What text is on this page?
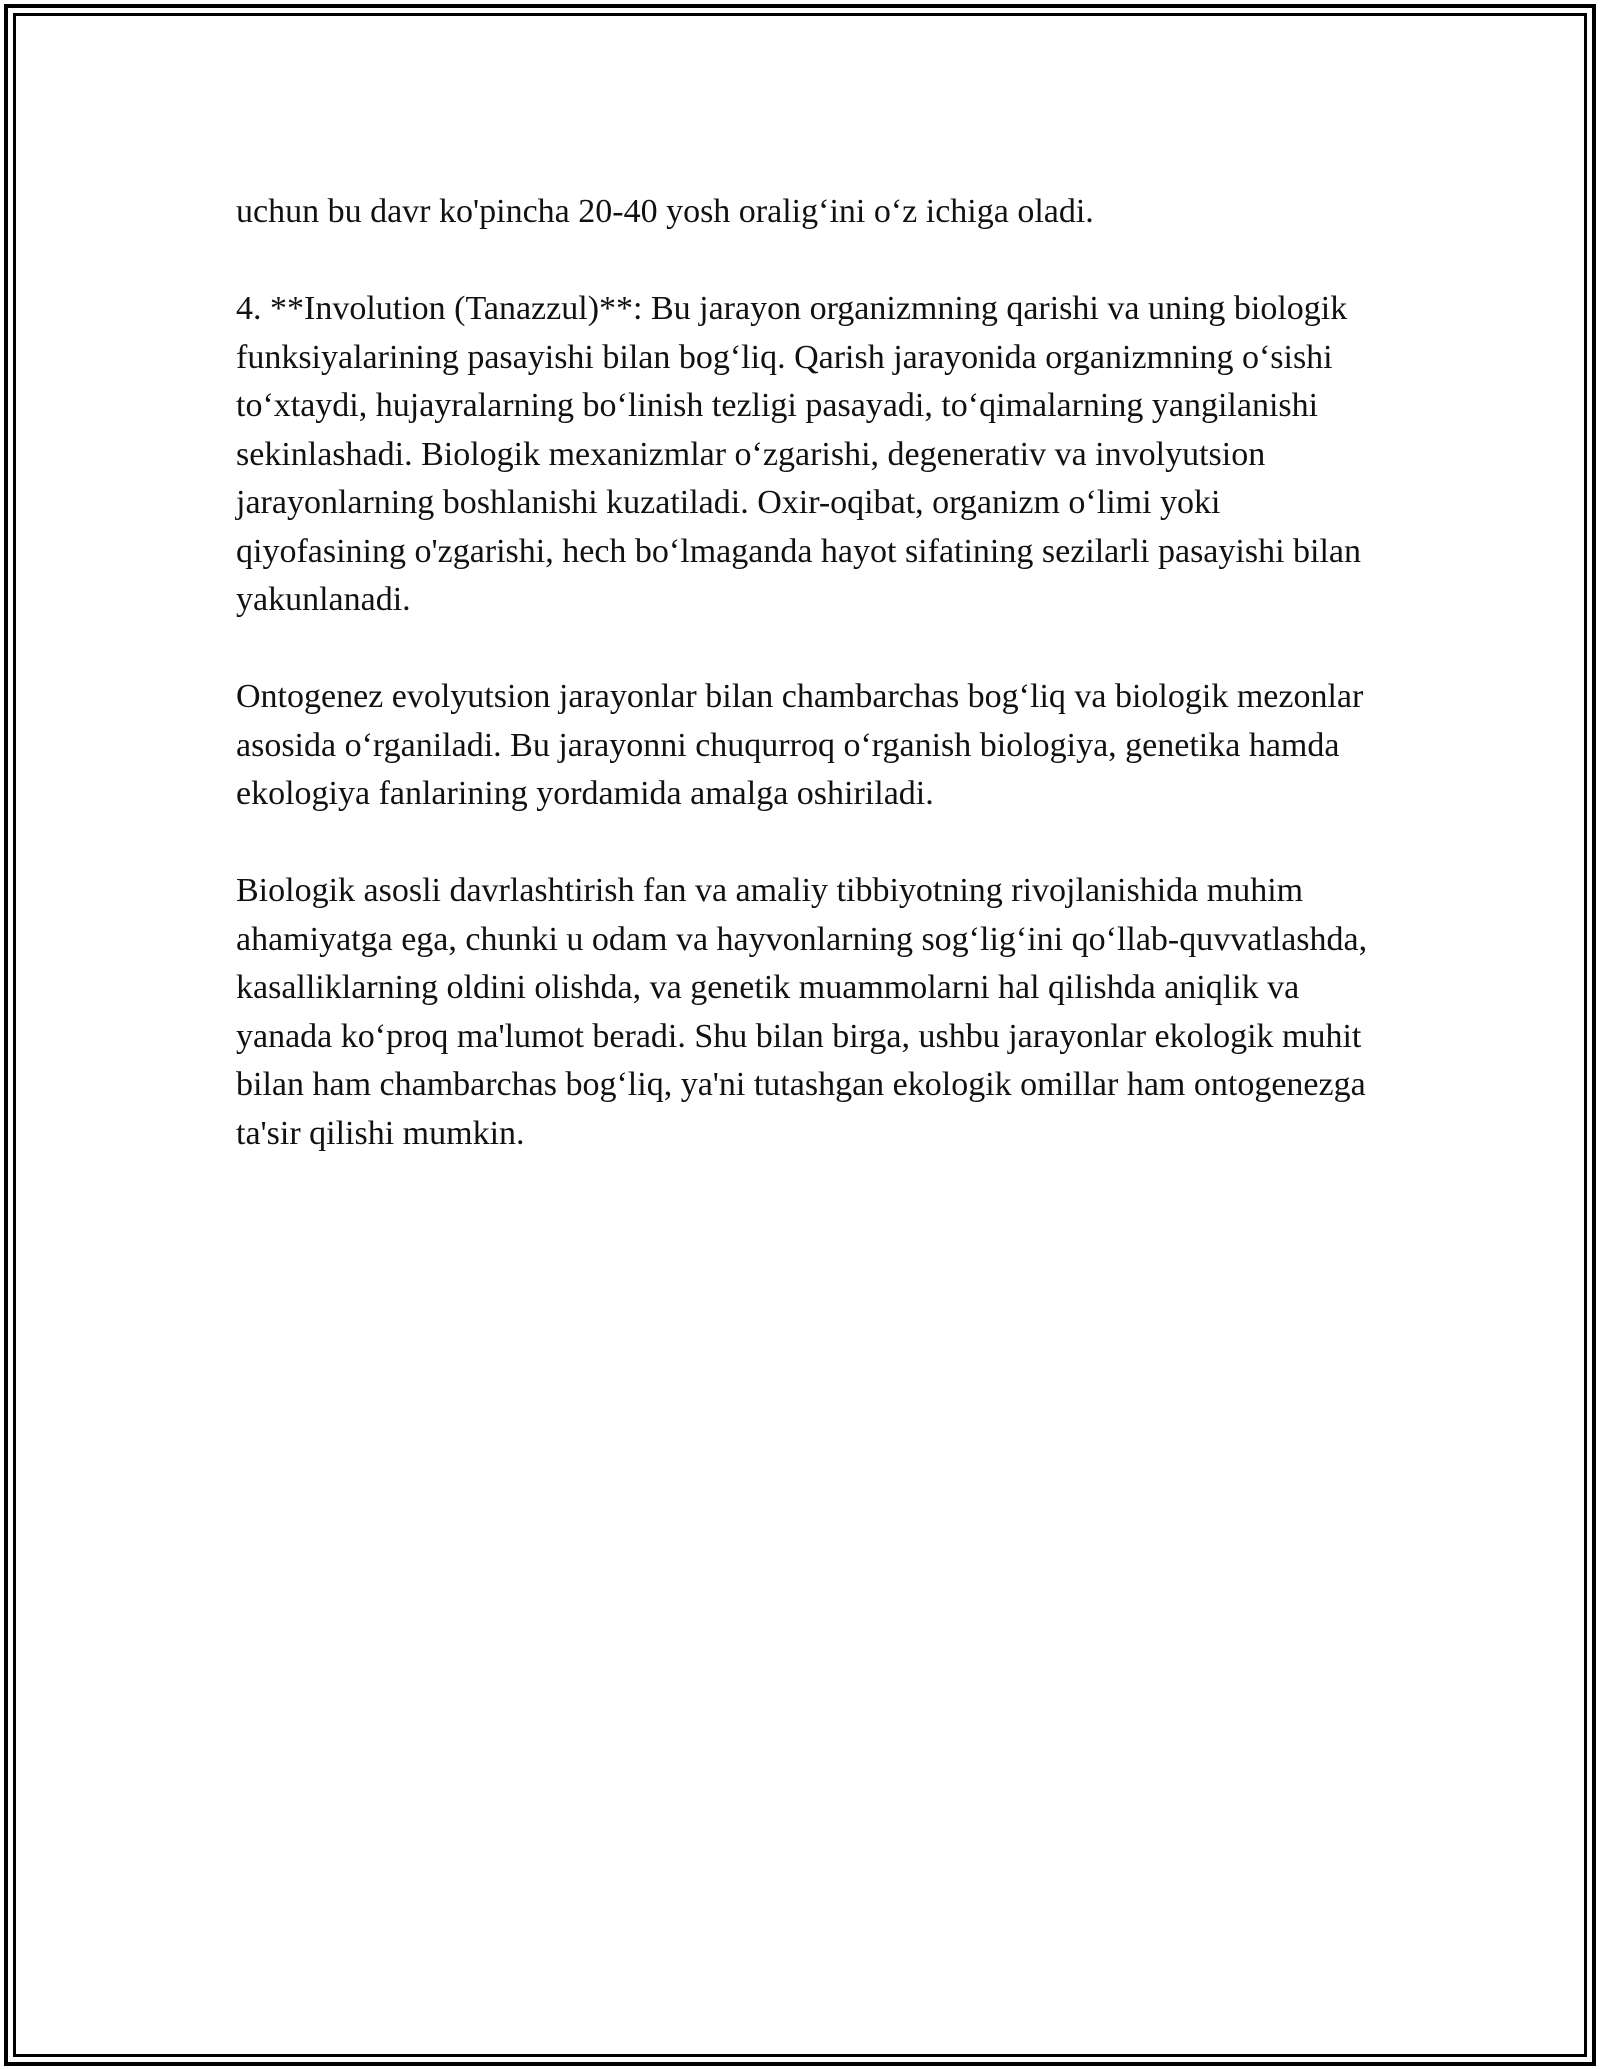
uchun bu davr ko'pincha 20-40 yosh oralig‘ini o‘z ichiga oladi.

4. **Involution (Tanazzul)**: Bu jarayon organizmning qarishi va uning biologik funksiyalarining pasayishi bilan bog‘liq. Qarish jarayonida organizmning o‘sishi to‘xtaydi, hujayralarning bo‘linish tezligi pasayadi, to‘qimalarning yangilanishi sekinlashadi. Biologik mexanizmlar o‘zgarishi, degenerativ va involyutsion jarayonlarning boshlanishi kuzatiladi. Oxir-oqibat, organizm o‘limi yoki qiyofasining o'zgarishi, hech bo‘lmaganda hayot sifatining sezilarli pasayishi bilan yakunlanadi.

Ontogenez evolyutsion jarayonlar bilan chambarchas bog‘liq va biologik mezonlar asosida o‘rganiladi. Bu jarayonni chuqurroq o‘rganish biologiya, genetika hamda ekologiya fanlarining yordamida amalga oshiriladi.

Biologik asosli davrlashtirish fan va amaliy tibbiyotning rivojlanishida muhim ahamiyatga ega, chunki u odam va hayvonlarning sog‘lig‘ini qo‘llab-quvvatlashda, kasalliklarning oldini olishda, va genetik muammolarni hal qilishda aniqlik va yanada ko‘proq ma'lumot beradi. Shu bilan birga, ushbu jarayonlar ekologik muhit bilan ham chambarchas bog‘liq, ya'ni tutashgan ekologik omillar ham ontogenezga ta'sir qilishi mumkin.
